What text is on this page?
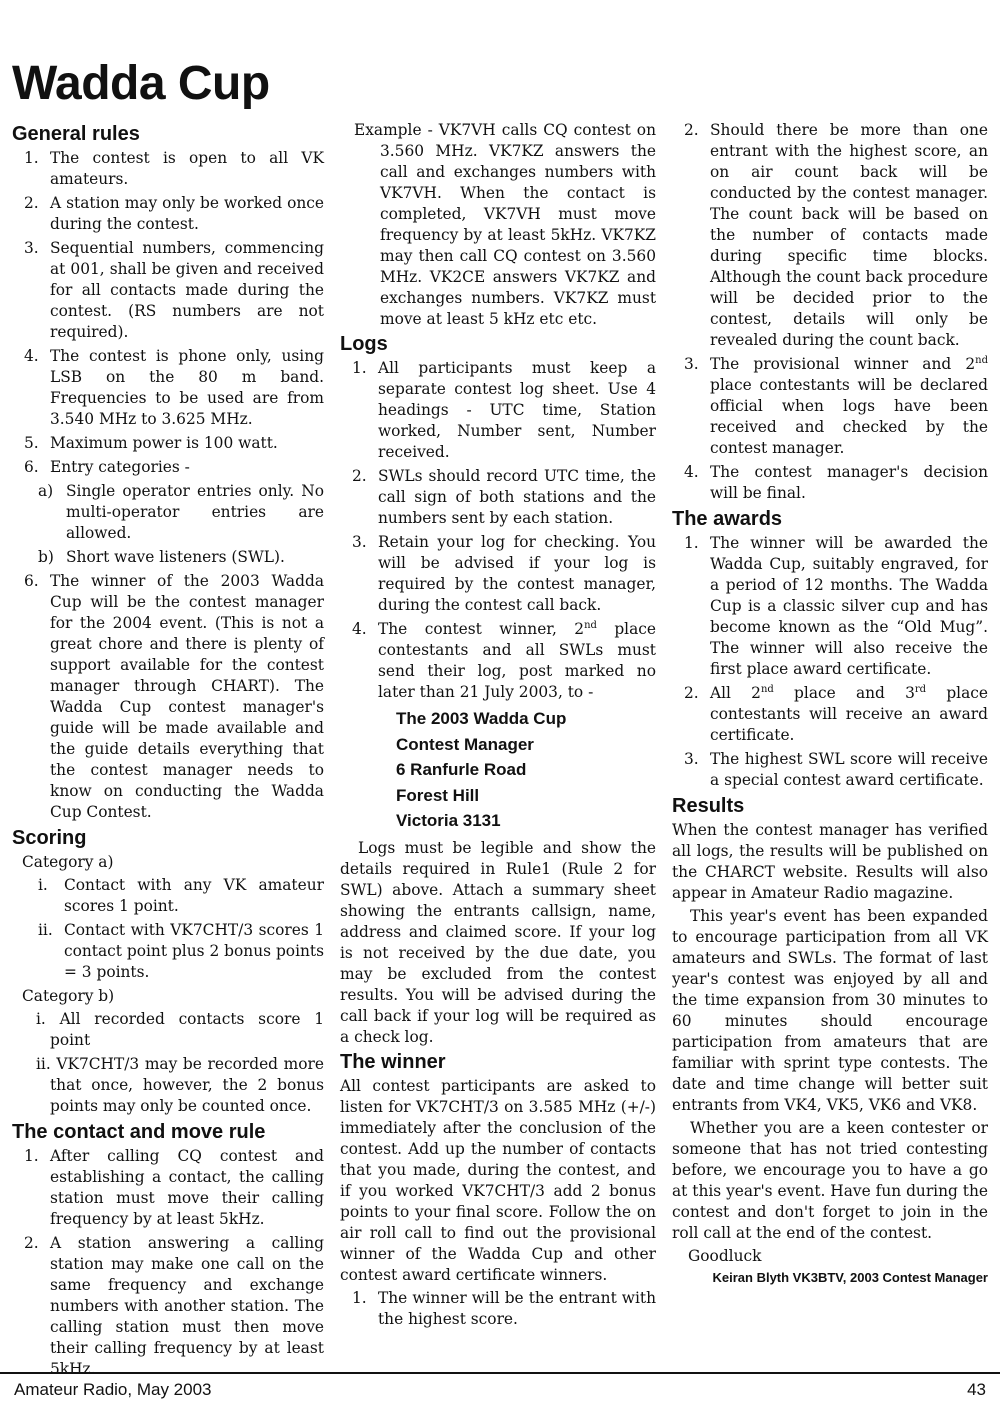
Wadda Cup
General rules
1. The contest is open to all VK amateurs.
2. A station may only be worked once during the contest.
3. Sequential numbers, commencing at 001, shall be given and received for all contacts made during the contest. (RS numbers are not required).
4. The contest is phone only, using LSB on the 80 m band. Frequencies to be used are from 3.540 MHz to 3.625 MHz.
5. Maximum power is 100 watt.
6. Entry categories -
a) Single operator entries only. No multi-operator entries are allowed.
b) Short wave listeners (SWL).
6. The winner of the 2003 Wadda Cup will be the contest manager for the 2004 event. (This is not a great chore and there is plenty of support available for the contest manager through CHART). The Wadda Cup contest manager's guide will be made available and the guide details everything that the contest manager needs to know on conducting the Wadda Cup Contest.
Scoring
Category a)
i. Contact with any VK amateur scores 1 point.
ii. Contact with VK7CHT/3 scores 1 contact point plus 2 bonus points = 3 points.
Category b)
i. All recorded contacts score 1 point
ii. VK7CHT/3 may be recorded more that once, however, the 2 bonus points may only be counted once.
The contact and move rule
1. After calling CQ contest and establishing a contact, the calling station must move their calling frequency by at least 5kHz.
2. A station answering a calling station may make one call on the same frequency and exchange numbers with another station. The calling station must then move their calling frequency by at least 5kHz.

Example - VK7VH calls CQ contest on 3.560 MHz. VK7KZ answers the call and exchanges numbers with VK7VH. When the contact is completed, VK7VH must move frequency by at least 5kHz. VK7KZ may then call CQ contest on 3.560 MHz. VK2CE answers VK7KZ and exchanges numbers. VK7KZ must move at least 5 kHz etc etc.

Logs
1. All participants must keep a separate contest log sheet. Use 4 headings - UTC time, Station worked, Number sent, Number received.
2. SWLs should record UTC time, the call sign of both stations and the numbers sent by each station.
3. Retain your log for checking. You will be advised if your log is required by the contest manager, during the contest call back.
4. The contest winner, 2nd place contestants and all SWLs must send their log, post marked no later than 21 July 2003, to -
The 2003 Wadda Cup
Contest Manager
6 Ranfurle Road
Forest Hill
Victoria 3131

Logs must be legible and show the details required in Rule1 (Rule 2 for SWL) above. Attach a summary sheet showing the entrants callsign, name, address and claimed score. If your log is not received by the due date, you may be excluded from the contest results. You will be advised during the call back if your log will be required as a check log.

The winner

All contest participants are asked to listen for VK7CHT/3 on 3.585 MHz (+/-) immediately after the conclusion of the contest. Add up the number of contacts that you made, during the contest, and if you worked VK7CHT/3 add 2 bonus points to your final score. Follow the on air roll call to find out the provisional winner of the Wadda Cup and other contest award certificate winners.

1. The winner will be the entrant with the highest score.
2. Should there be more than one entrant with the highest score, an on air count back will be conducted by the contest manager. The count back will be based on the number of contacts made during specific time blocks. Although the count back procedure will be decided prior to the contest, details will only be revealed during the count back.
3. The provisional winner and 2nd place contestants will be declared official when logs have been received and checked by the contest manager.
4. The contest manager's decision will be final.
The awards
1. The winner will be awarded the Wadda Cup, suitably engraved, for a period of 12 months. The Wadda Cup is a classic silver cup and has become known as the “Old Mug”. The winner will also receive the first place award certificate.
2. All 2nd place and 3rd place contestants will receive an award certificate.
3. The highest SWL score will receive a special contest award certificate.
Results

When the contest manager has verified all logs, the results will be published on the CHARCT website. Results will also appear in Amateur Radio magazine.

This year's event has been expanded to encourage participation from all VK amateurs and SWLs. The format of last year's contest was enjoyed by all and the time expansion from 30 minutes to 60 minutes should encourage participation from amateurs that are familiar with sprint type contests. The date and time change will better suit entrants from VK4, VK5, VK6 and VK8.

Whether you are a keen contester or someone that has not tried contesting before, we encourage you to have a go at this year's event. Have fun during the contest and don't forget to join in the roll call at the end of the contest.

Goodluck
Keiran Blyth VK3BTV, 2003 Contest Manager
Amateur Radio, May 2003	43
